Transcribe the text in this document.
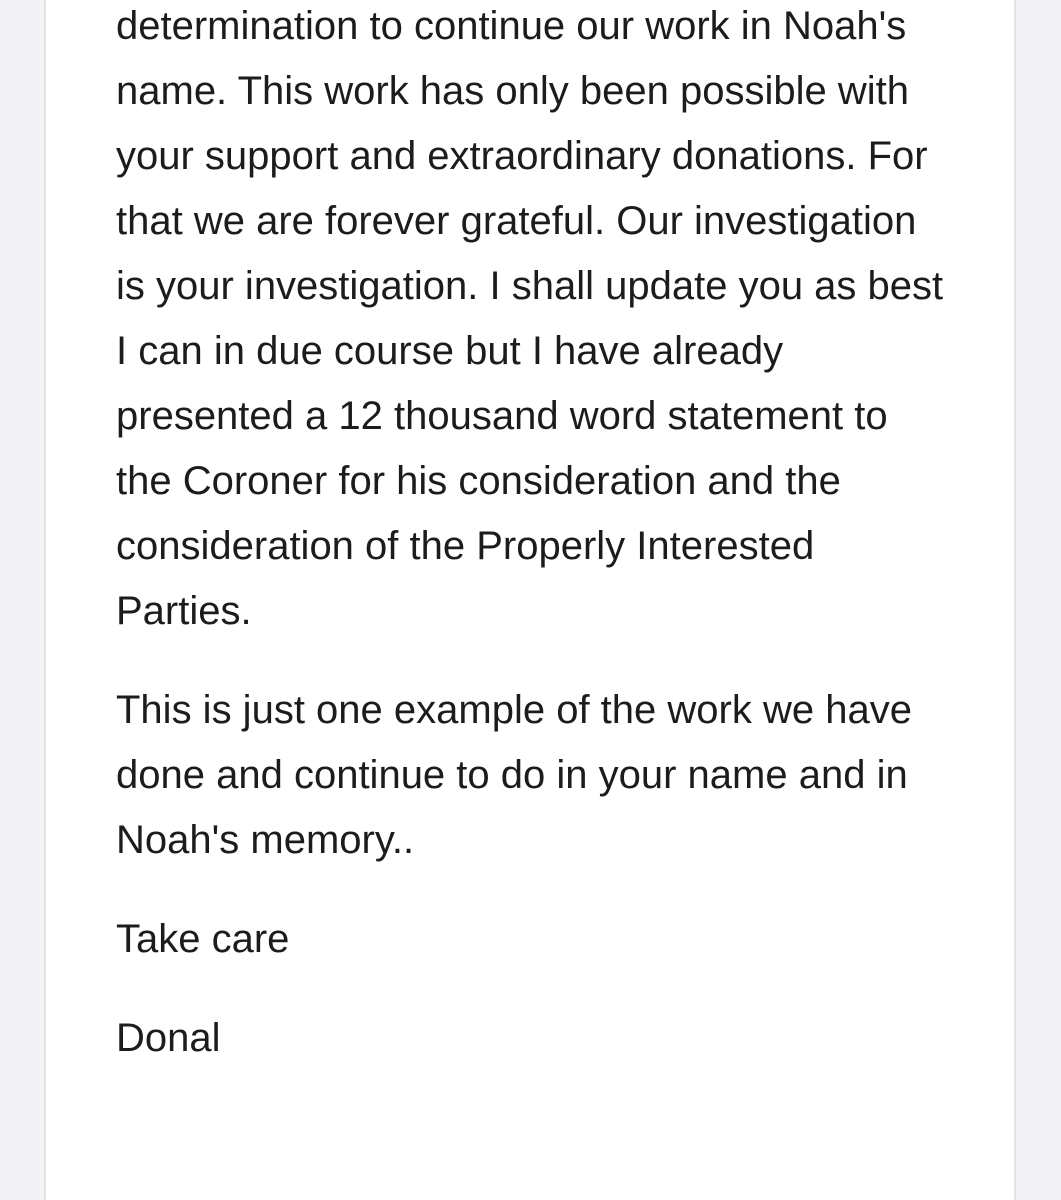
determination to continue our work in Noah's name. This work has only been possible with your support and extraordinary donations. For that we are forever grateful. Our investigation is your investigation. I shall update you as best I can in due course but I have already presented a 12 thousand word statement to the Coroner for his consideration and the consideration of the Properly Interested Parties.

This is just one example of the work we have done and continue to do in your name and in Noah's memory..

Take care

Donal
